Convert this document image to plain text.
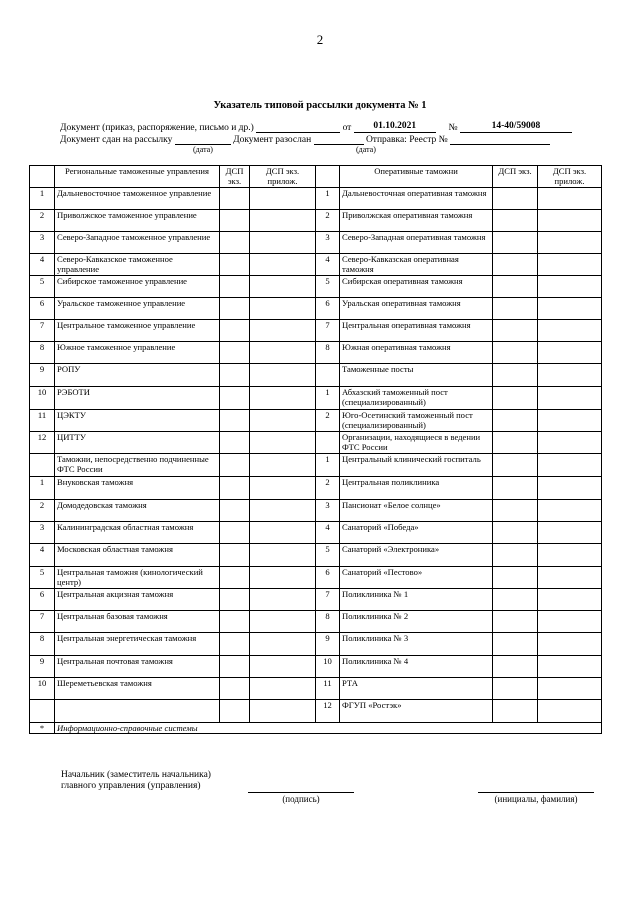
2
Указатель типовой рассылки документа № 1
Документ (приказ, распоряжение, письмо и др.)	от 01.10.2021	№	14-40/59008
Документ сдан на рассылку	Документ разослан	Отправка: Реестр №
(дата)	(дата)
	Региональные таможенные управления	ДСП экз.	ДСП экз. прилож.		Оперативные таможни	ДСП экз.	ДСП экз. прилож.
1	Дальневосточное таможенное управление			1	Дальневосточная оперативная таможня		
2	Приволжское таможенное управление			2	Приволжская оперативная таможня		
3	Северо-Западное таможенное управление			3	Северо-Западная оперативная таможня		
4	Северо-Кавказское таможенное управление			4	Северо-Кавказская оперативная таможня		
5	Сибирское таможенное управление			5	Сибирская оперативная таможня		
6	Уральское таможенное управление			6	Уральская оперативная таможня		
7	Центральное таможенное управление			7	Центральная оперативная таможня		
8	Южное таможенное управление			8	Южная оперативная таможня		
9	РОПУ				Таможенные посты		
10	РЭБОТИ			1	Абхазский таможенный пост (специализированный)		
11	ЦЭКТУ			2	Юго-Осетинский таможенный пост (специализированный)		
12	ЦИТТУ				Организации, находящиеся в ведении ФТС России		
	Таможни, непосредственно подчиненные ФТС России			1	Центральный клинический госпиталь		
1	Внуковская таможня			2	Центральная поликлиника		
2	Домодедовская таможня			3	Пансионат «Белое солнце»		
3	Калининградская областная таможня			4	Санаторий «Победа»		
4	Московская областная таможня			5	Санаторий «Электроника»		
5	Центральная таможня (кинологический центр)			6	Санаторий «Пестово»		
6	Центральная акцизная таможня			7	Поликлиника № 1		
7	Центральная базовая таможня			8	Поликлиника № 2		
8	Центральная энергетическая таможня			9	Поликлиника № 3		
9	Центральная почтовая таможня			10	Поликлиника № 4		
10	Шереметьевская таможня			11	РТА		
				12	ФГУП «Ростэк»		
*	Информационно-справочные системы						
Начальник (заместитель начальника)
главного управления (управления)
(подпись)	(инициалы, фамилия)
